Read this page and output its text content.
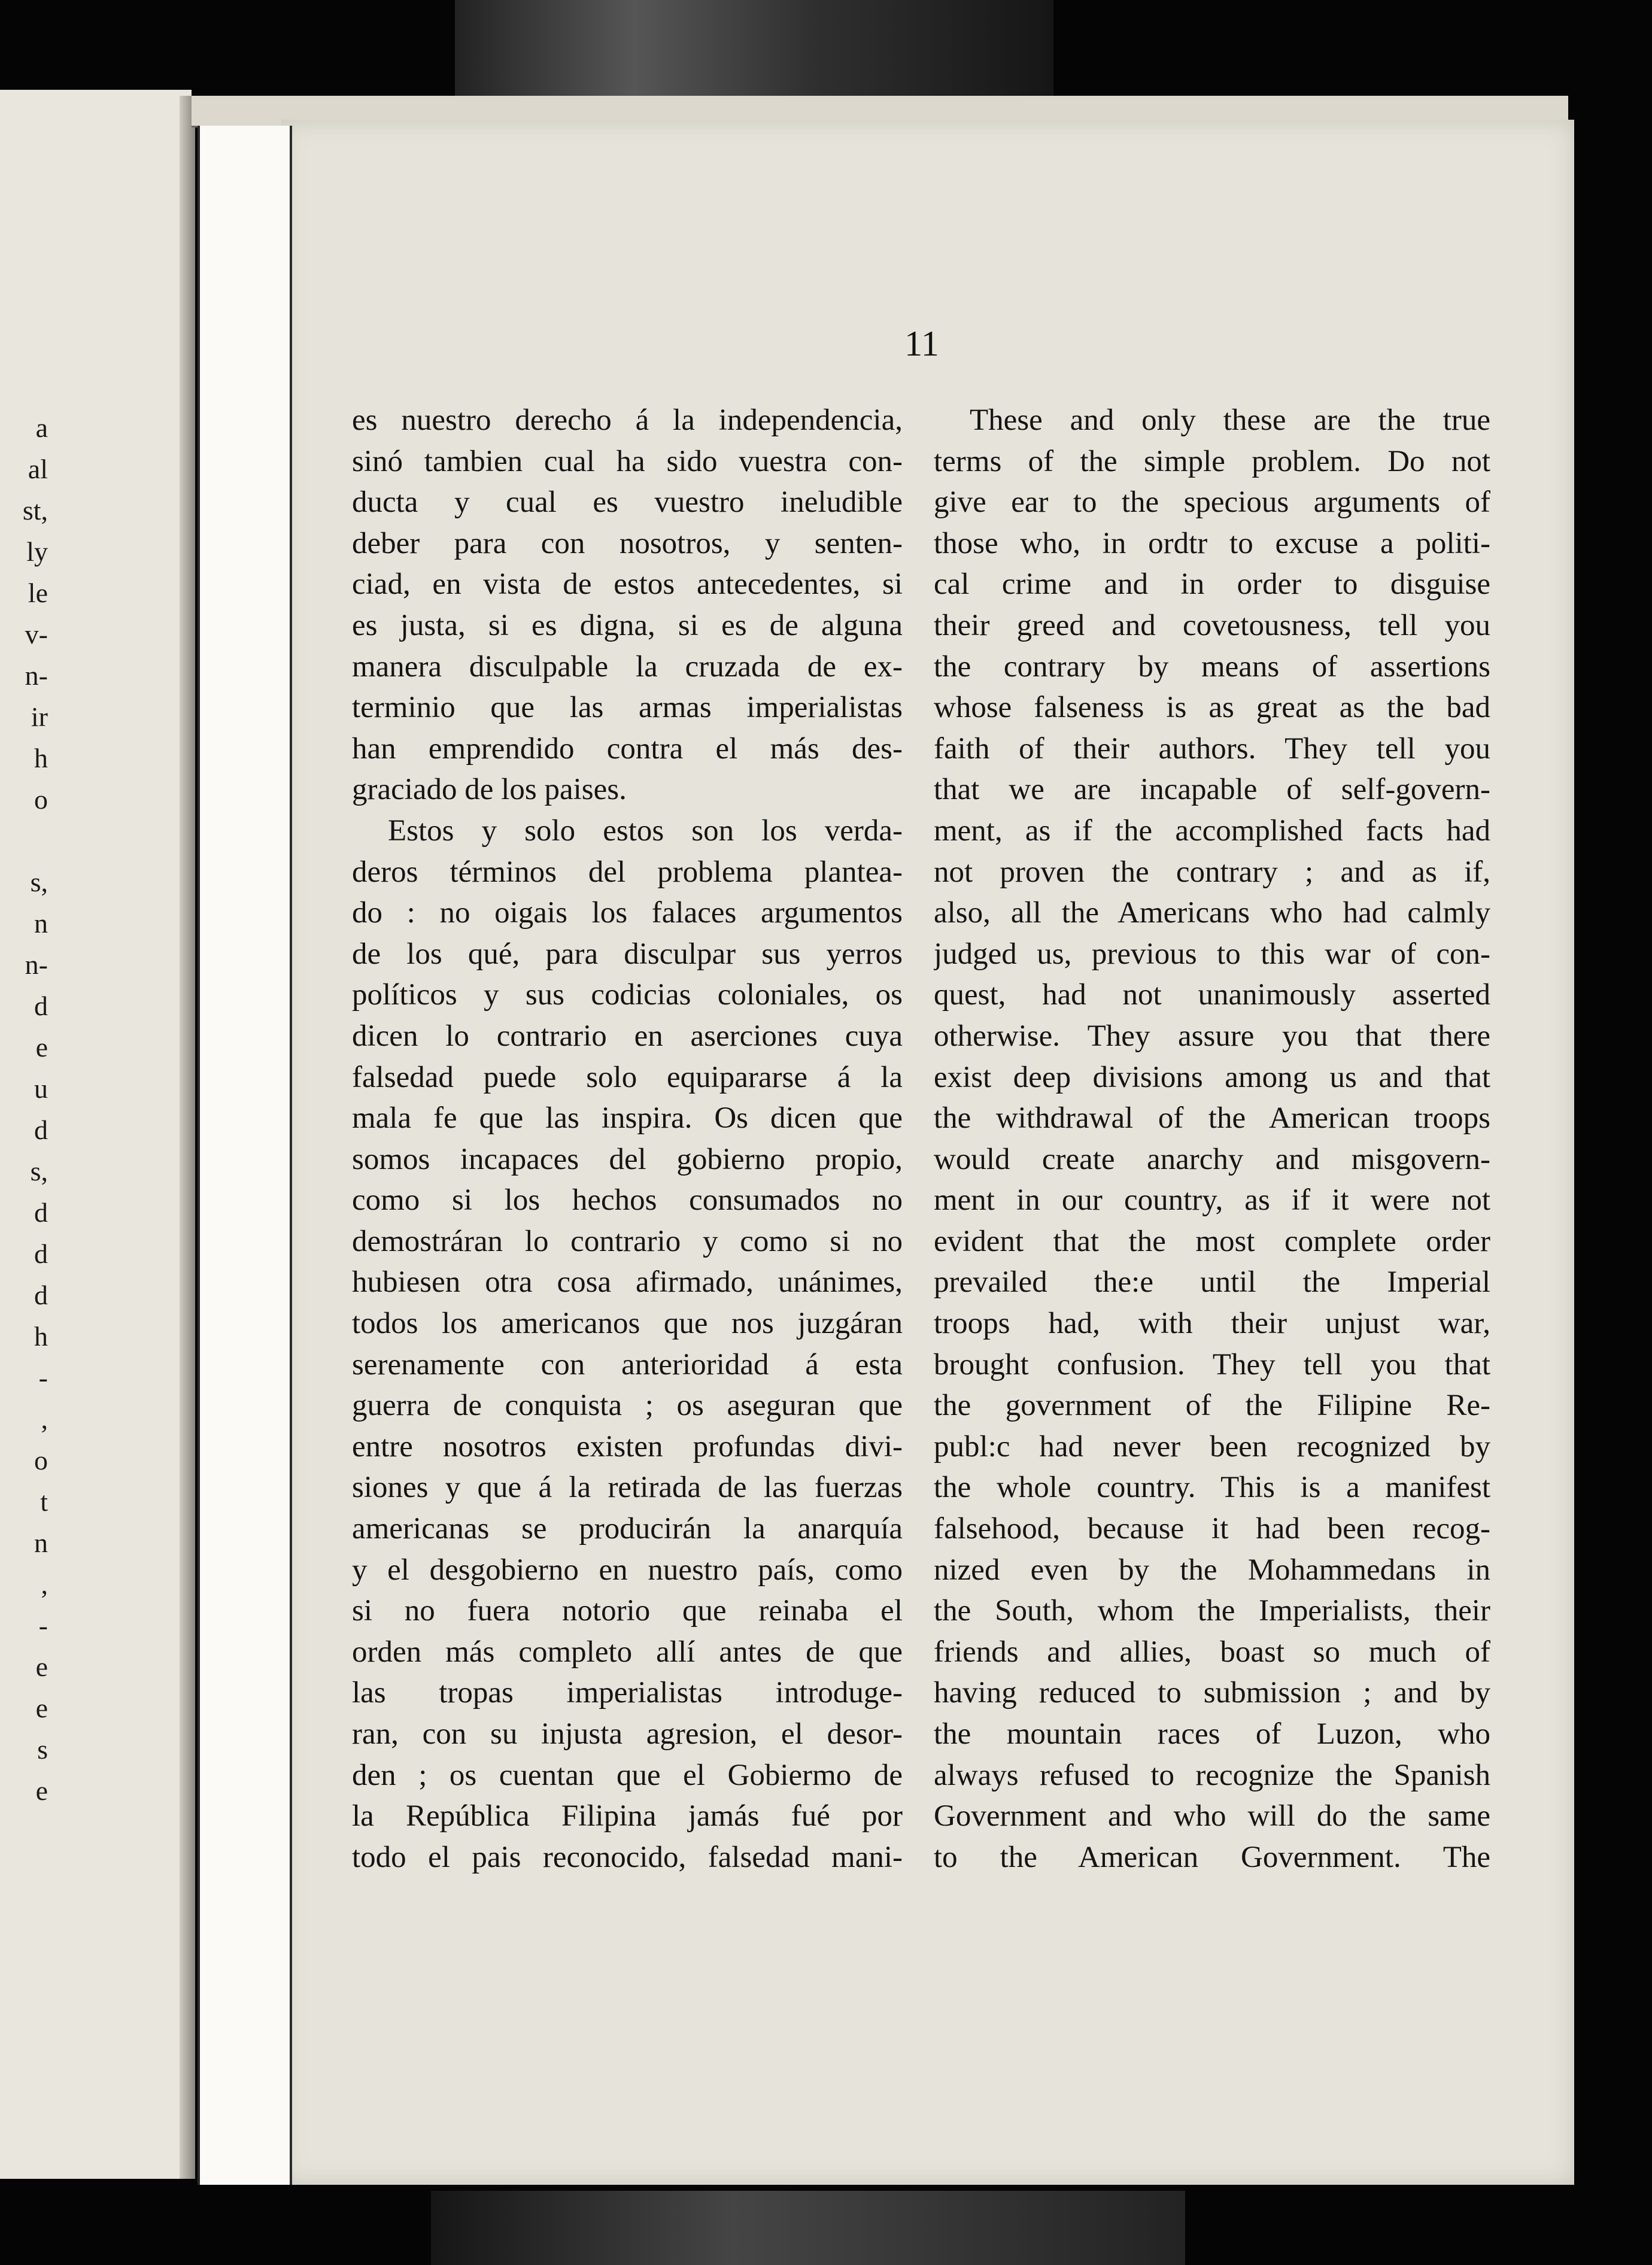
a
al
st,
ly
le
v-
n-
ir
h
o
s,
n
n-
d
e
u
d
s,
d
d
d
h
-
,
o
t
n
,
-
e
e
s
e
11
es nuestro derecho á la independencia,
sinó tambien cual ha sido vuestra con-
ducta y cual es vuestro ineludible
deber para con nosotros, y senten-
ciad, en vista de estos antecedentes, si
es justa, si es digna, si es de alguna
manera disculpable la cruzada de ex-
terminio que las armas imperialistas
han emprendido contra el más des-
graciado de los paises.
Estos y solo estos son los verda-
deros términos del problema plantea-
do : no oigais los falaces argumentos
de los qué, para disculpar sus yerros
políticos y sus codicias coloniales, os
dicen lo contrario en aserciones cuya
falsedad puede solo equipararse á la
mala fe que las inspira. Os dicen que
somos incapaces del gobierno propio,
como si los hechos consumados no
demostráran lo contrario y como si no
hubiesen otra cosa afirmado, unánimes,
todos los americanos que nos juzgáran
serenamente con anterioridad á esta
guerra de conquista ; os aseguran que
entre nosotros existen profundas divi-
siones y que á la retirada de las fuerzas
americanas se producirán la anarquía
y el desgobierno en nuestro país, como
si no fuera notorio que reinaba el
orden más completo allí antes de que
las tropas imperialistas introduge-
ran, con su injusta agresion, el desor-
den ; os cuentan que el Gobiermo de
la República Filipina jamás fué por
todo el pais reconocido, falsedad mani-
These and only these are the true
terms of the simple problem. Do not
give ear to the specious arguments of
those who, in ordtr to excuse a politi-
cal crime and in order to disguise
their greed and covetousness, tell you
the contrary by means of assertions
whose falseness is as great as the bad
faith of their authors. They tell you
that we are incapable of self-govern-
ment, as if the accomplished facts had
not proven the contrary ; and as if,
also, all the Americans who had calmly
judged us, previous to this war of con-
quest, had not unanimously asserted
otherwise. They assure you that there
exist deep divisions among us and that
the withdrawal of the American troops
would create anarchy and misgovern-
ment in our country, as if it were not
evident that the most complete order
prevailed the:e until the Imperial
troops had, with their unjust war,
brought confusion. They tell you that
the government of the Filipine Re-
publ:c had never been recognized by
the whole country. This is a manifest
falsehood, because it had been recog-
nized even by the Mohammedans in
the South, whom the Imperialists, their
friends and allies, boast so much of
having reduced to submission ; and by
the mountain races of Luzon, who
always refused to recognize the Spanish
Government and who will do the same
to the American Government. The
